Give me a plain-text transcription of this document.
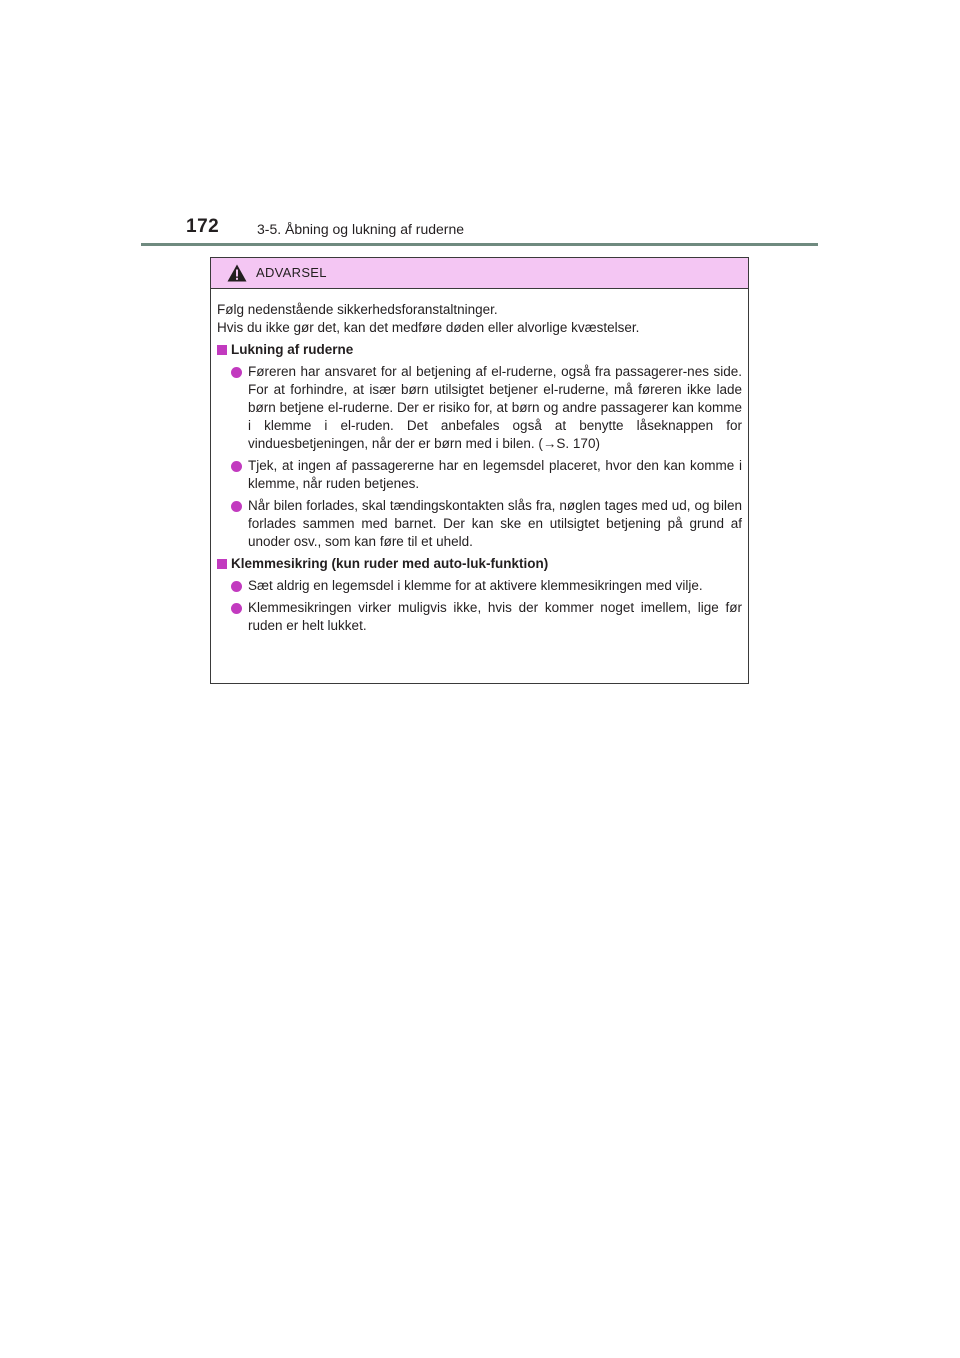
172	3-5. Åbning og lukning af ruderne
ADVARSEL

Følg nedenstående sikkerhedsforanstaltninger.

Hvis du ikke gør det, kan det medføre døden eller alvorlige kvæstelser.

Lukning af ruderne

Føreren har ansvaret for al betjening af el-ruderne, også fra passagerer-nes side. For at forhindre, at især børn utilsigtet betjener el-ruderne, må føreren ikke lade børn betjene el-ruderne. Der er risiko for, at børn og andre passagerer kan komme i klemme i el-ruden. Det anbefales også at benytte låseknappen for vinduesbetjeningen, når der er børn med i bilen. (→S. 170)

Tjek, at ingen af passagererne har en legemsdel placeret, hvor den kan komme i klemme, når ruden betjenes.

Når bilen forlades, skal tændingskontakten slås fra, nøglen tages med ud, og bilen forlades sammen med barnet. Der kan ske en utilsigtet betjening på grund af unoder osv., som kan føre til et uheld.

Klemmesikring (kun ruder med auto-luk-funktion)

Sæt aldrig en legemsdel i klemme for at aktivere klemmesikringen med vilje.

Klemmesikringen virker muligvis ikke, hvis der kommer noget imellem, lige før ruden er helt lukket.
